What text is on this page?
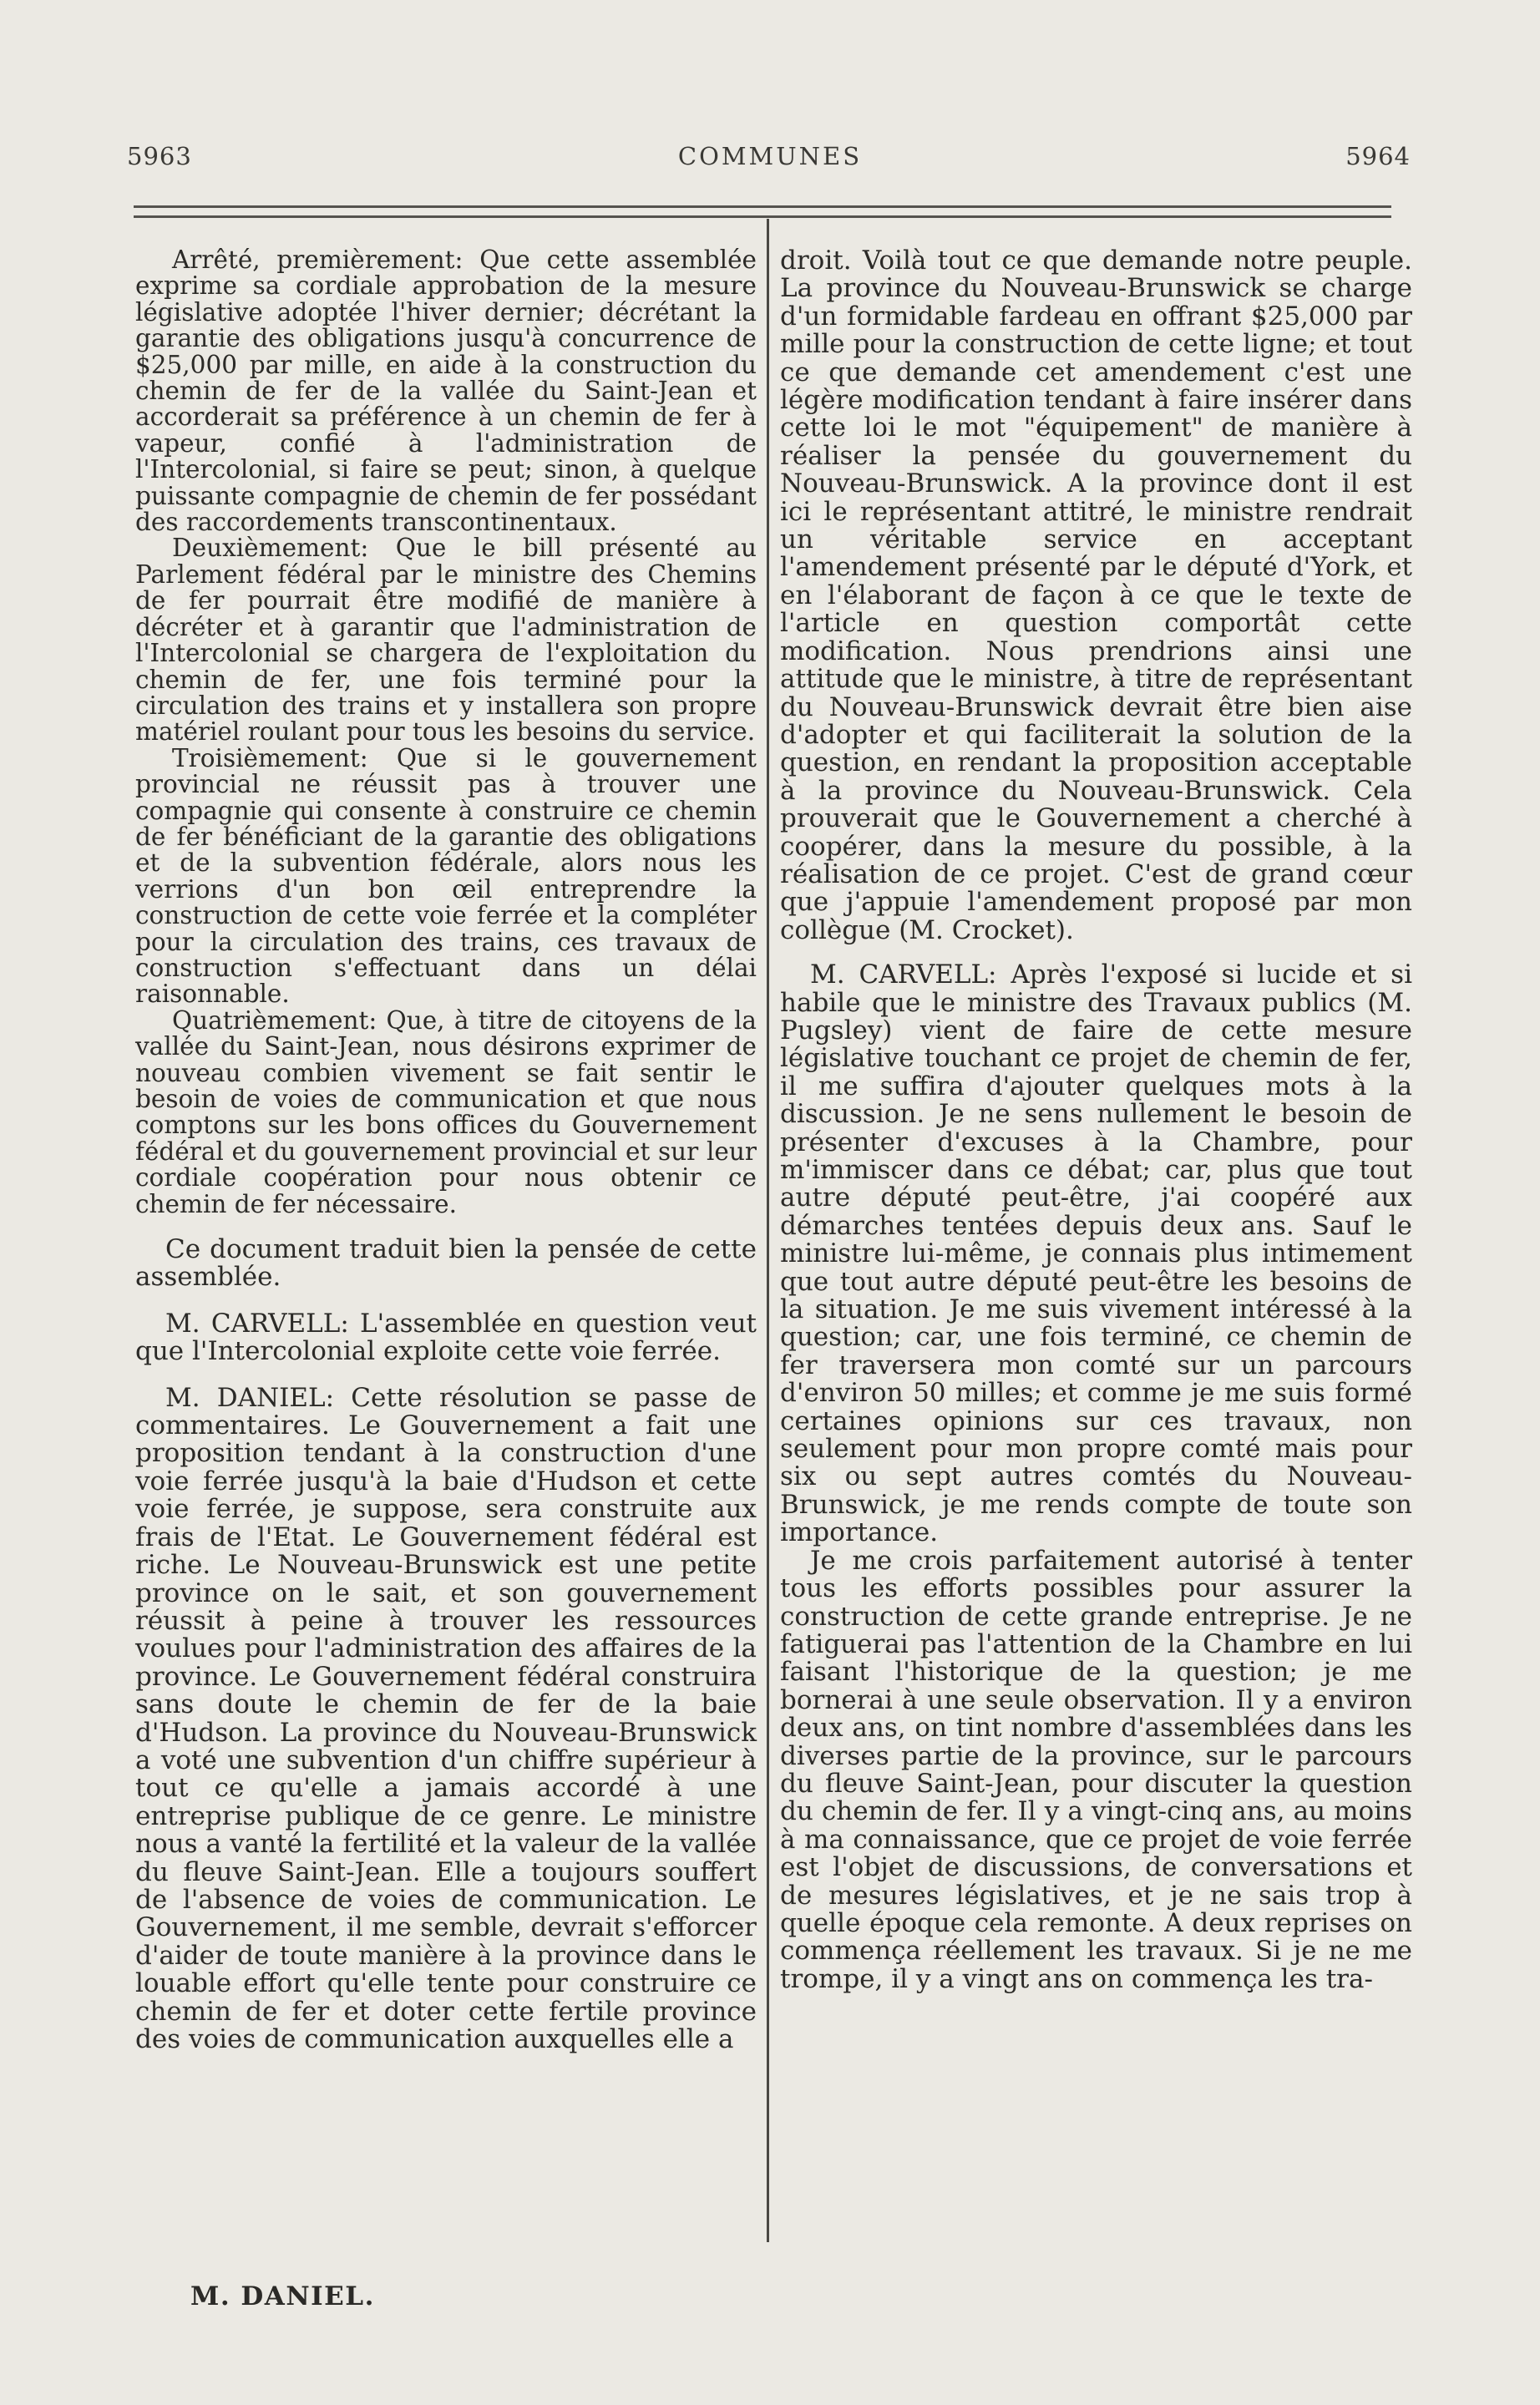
5963	COMMUNES	5964

Arrêté, premièrement: Que cette assemblée exprime sa cordiale approbation de la mesure législative adoptée l'hiver dernier; décrétant la garantie des obligations jusqu'à concurrence de $25,000 par mille, en aide à la construction du chemin de fer de la vallée du Saint-Jean et accorderait sa préférence à un chemin de fer à vapeur, confié à l'administration de l'Intercolonial, si faire se peut; sinon, à quelque puissante compagnie de chemin de fer possédant des raccordements transcontinentaux.

Deuxièmement: Que le bill présenté au Parlement fédéral par le ministre des Chemins de fer pourrait être modifié de manière à décréter et à garantir que l'administration de l'Intercolonial se chargera de l'exploitation du chemin de fer, une fois terminé pour la circulation des trains et y installera son propre matériel roulant pour tous les besoins du service.

Troisièmement: Que si le gouvernement provincial ne réussit pas à trouver une compagnie qui consente à construire ce chemin de fer bénéficiant de la garantie des obligations et de la subvention fédérale, alors nous les verrions d'un bon œil entreprendre la construction de cette voie ferrée et la compléter pour la circulation des trains, ces travaux de construction s'effectuant dans un délai raisonnable.

Quatrièmement: Que, à titre de citoyens de la vallée du Saint-Jean, nous désirons exprimer de nouveau combien vivement se fait sentir le besoin de voies de communication et que nous comptons sur les bons offices du Gouvernement fédéral et du gouvernement provincial et sur leur cordiale coopération pour nous obtenir ce chemin de fer nécessaire.

Ce document traduit bien la pensée de cette assemblée.

M. CARVELL: L'assemblée en question veut que l'Intercolonial exploite cette voie ferrée.

M. DANIEL: Cette résolution se passe de commentaires. Le Gouvernement a fait une proposition tendant à la construction d'une voie ferrée jusqu'à la baie d'Hudson et cette voie ferrée, je suppose, sera construite aux frais de l'Etat. Le Gouvernement fédéral est riche. Le Nouveau-Brunswick est une petite province on le sait, et son gouvernement réussit à peine à trouver les ressources voulues pour l'administration des affaires de la province. Le Gouvernement fédéral construira sans doute le chemin de fer de la baie d'Hudson. La province du Nouveau-Brunswick a voté une subvention d'un chiffre supérieur à tout ce qu'elle a jamais accordé à une entreprise publique de ce genre. Le ministre nous a vanté la fertilité et la valeur de la vallée du fleuve Saint-Jean. Elle a toujours souffert de l'absence de voies de communication. Le Gouvernement, il me semble, devrait s'efforcer d'aider de toute manière à la province dans le louable effort qu'elle tente pour construire ce chemin de fer et doter cette fertile province des voies de communication auxquelles elle a

droit. Voilà tout ce que demande notre peuple. La province du Nouveau-Brunswick se charge d'un formidable fardeau en offrant $25,000 par mille pour la construction de cette ligne; et tout ce que demande cet amendement c'est une légère modification tendant à faire insérer dans cette loi le mot "équipement" de manière à réaliser la pensée du gouvernement du Nouveau-Brunswick. A la province dont il est ici le représentant attitré, le ministre rendrait un véritable service en acceptant l'amendement présenté par le député d'York, et en l'élaborant de façon à ce que le texte de l'article en question comportât cette modification. Nous prendrions ainsi une attitude que le ministre, à titre de représentant du Nouveau-Brunswick devrait être bien aise d'adopter et qui faciliterait la solution de la question, en rendant la proposition acceptable à la province du Nouveau-Brunswick. Cela prouverait que le Gouvernement a cherché à coopérer, dans la mesure du possible, à la réalisation de ce projet. C'est de grand cœur que j'appuie l'amendement proposé par mon collègue (M. Crocket).

M. CARVELL: Après l'exposé si lucide et si habile que le ministre des Travaux publics (M. Pugsley) vient de faire de cette mesure législative touchant ce projet de chemin de fer, il me suffira d'ajouter quelques mots à la discussion. Je ne sens nullement le besoin de présenter d'excuses à la Chambre, pour m'immiscer dans ce débat; car, plus que tout autre député peut-être, j'ai coopéré aux démarches tentées depuis deux ans. Sauf le ministre lui-même, je connais plus intimement que tout autre député peut-être les besoins de la situation. Je me suis vivement intéressé à la question; car, une fois terminé, ce chemin de fer traversera mon comté sur un parcours d'environ 50 milles; et comme je me suis formé certaines opinions sur ces travaux, non seulement pour mon propre comté mais pour six ou sept autres comtés du Nouveau-Brunswick, je me rends compte de toute son importance.

Je me crois parfaitement autorisé à tenter tous les efforts possibles pour assurer la construction de cette grande entreprise. Je ne fatiguerai pas l'attention de la Chambre en lui faisant l'historique de la question; je me bornerai à une seule observation. Il y a environ deux ans, on tint nombre d'assemblées dans les diverses partie de la province, sur le parcours du fleuve Saint-Jean, pour discuter la question du chemin de fer. Il y a vingt-cinq ans, au moins à ma connaissance, que ce projet de voie ferrée est l'objet de discussions, de conversations et de mesures législatives, et je ne sais trop à quelle époque cela remonte. A deux reprises on commença réellement les travaux. Si je ne me trompe, il y a vingt ans on commença les tra-

M. DANIEL.
